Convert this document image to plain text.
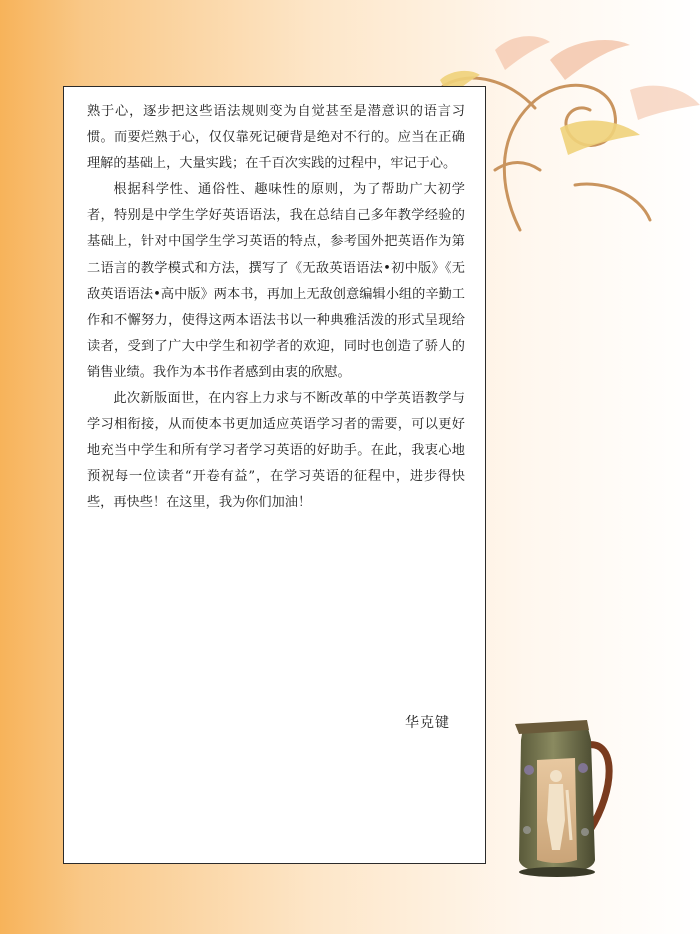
熟于心，逐步把这些语法规则变为自觉甚至是潜意识的语言习惯。而要烂熟于心，仅仅靠死记硬背是绝对不行的。应当在正确理解的基础上，大量实践；在千百次实践的过程中，牢记于心。

根据科学性、通俗性、趣味性的原则，为了帮助广大初学者，特别是中学生学好英语语法，我在总结自己多年教学经验的基础上，针对中国学生学习英语的特点，参考国外把英语作为第二语言的教学模式和方法，撰写了《无敌英语语法•初中版》《无敌英语语法•高中版》两本书，再加上无敌创意编辑小组的辛勤工作和不懈努力，使得这两本语法书以一种典雅活泼的形式呈现给读者，受到了广大中学生和初学者的欢迎，同时也创造了骄人的销售业绩。我作为本书作者感到由衷的欣慰。

此次新版面世，在内容上力求与不断改革的中学英语教学与学习相衔接，从而使本书更加适应英语学习者的需要，可以更好地充当中学生和所有学习者学习英语的好助手。在此，我衷心地预祝每一位读者“开卷有益”，在学习英语的征程中，进步得快些，再快些！在这里，我为你们加油！

华克键
